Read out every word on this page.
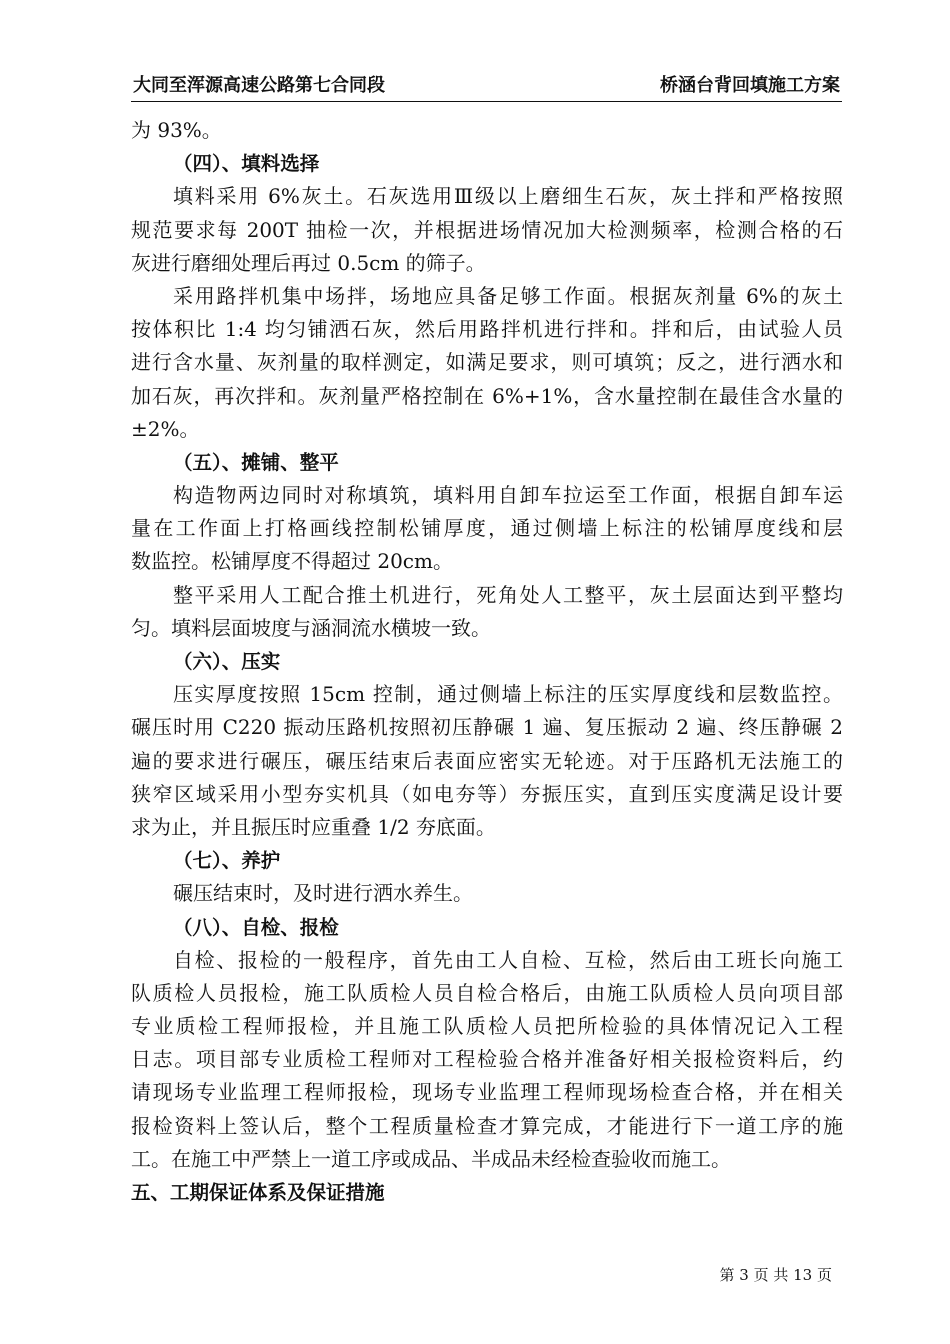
大同至浑源高速公路第七合同段	桥涵台背回填施工方案
为 93%。
（四）、填料选择
填料采用 6%灰土。石灰选用Ⅲ级以上磨细生石灰，灰土拌和严格按照
规范要求每 200T 抽检一次，并根据进场情况加大检测频率，检测合格的石
灰进行磨细处理后再过 0.5cm 的筛子。
采用路拌机集中场拌，场地应具备足够工作面。根据灰剂量 6%的灰土
按体积比 1:4 均匀铺洒石灰，然后用路拌机进行拌和。拌和后，由试验人员
进行含水量、灰剂量的取样测定，如满足要求，则可填筑；反之，进行洒水和
加石灰，再次拌和。灰剂量严格控制在 6%+1%，含水量控制在最佳含水量的
±2%。
（五）、摊铺、整平
构造物两边同时对称填筑，填料用自卸车拉运至工作面，根据自卸车运
量在工作面上打格画线控制松铺厚度，通过侧墙上标注的松铺厚度线和层
数监控。松铺厚度不得超过 20cm。
整平采用人工配合推土机进行，死角处人工整平，灰土层面达到平整均
匀。填料层面坡度与涵洞流水横坡一致。
（六）、压实
压实厚度按照 15cm 控制，通过侧墙上标注的压实厚度线和层数监控。
碾压时用 C220 振动压路机按照初压静碾 1 遍、复压振动 2 遍、终压静碾 2
遍的要求进行碾压，碾压结束后表面应密实无轮迹。对于压路机无法施工的
狭窄区域采用小型夯实机具（如电夯等）夯振压实，直到压实度满足设计要
求为止，并且振压时应重叠 1/2 夯底面。
（七）、养护
碾压结束时，及时进行洒水养生。
（八）、自检、报检
自检、报检的一般程序，首先由工人自检、互检，然后由工班长向施工
队质检人员报检，施工队质检人员自检合格后，由施工队质检人员向项目部
专业质检工程师报检，并且施工队质检人员把所检验的具体情况记入工程
日志。项目部专业质检工程师对工程检验合格并准备好相关报检资料后，约
请现场专业监理工程师报检，现场专业监理工程师现场检查合格，并在相关
报检资料上签认后，整个工程质量检查才算完成，才能进行下一道工序的施
工。在施工中严禁上一道工序或成品、半成品未经检查验收而施工。
五、工期保证体系及保证措施
第 3 页 共 13 页
